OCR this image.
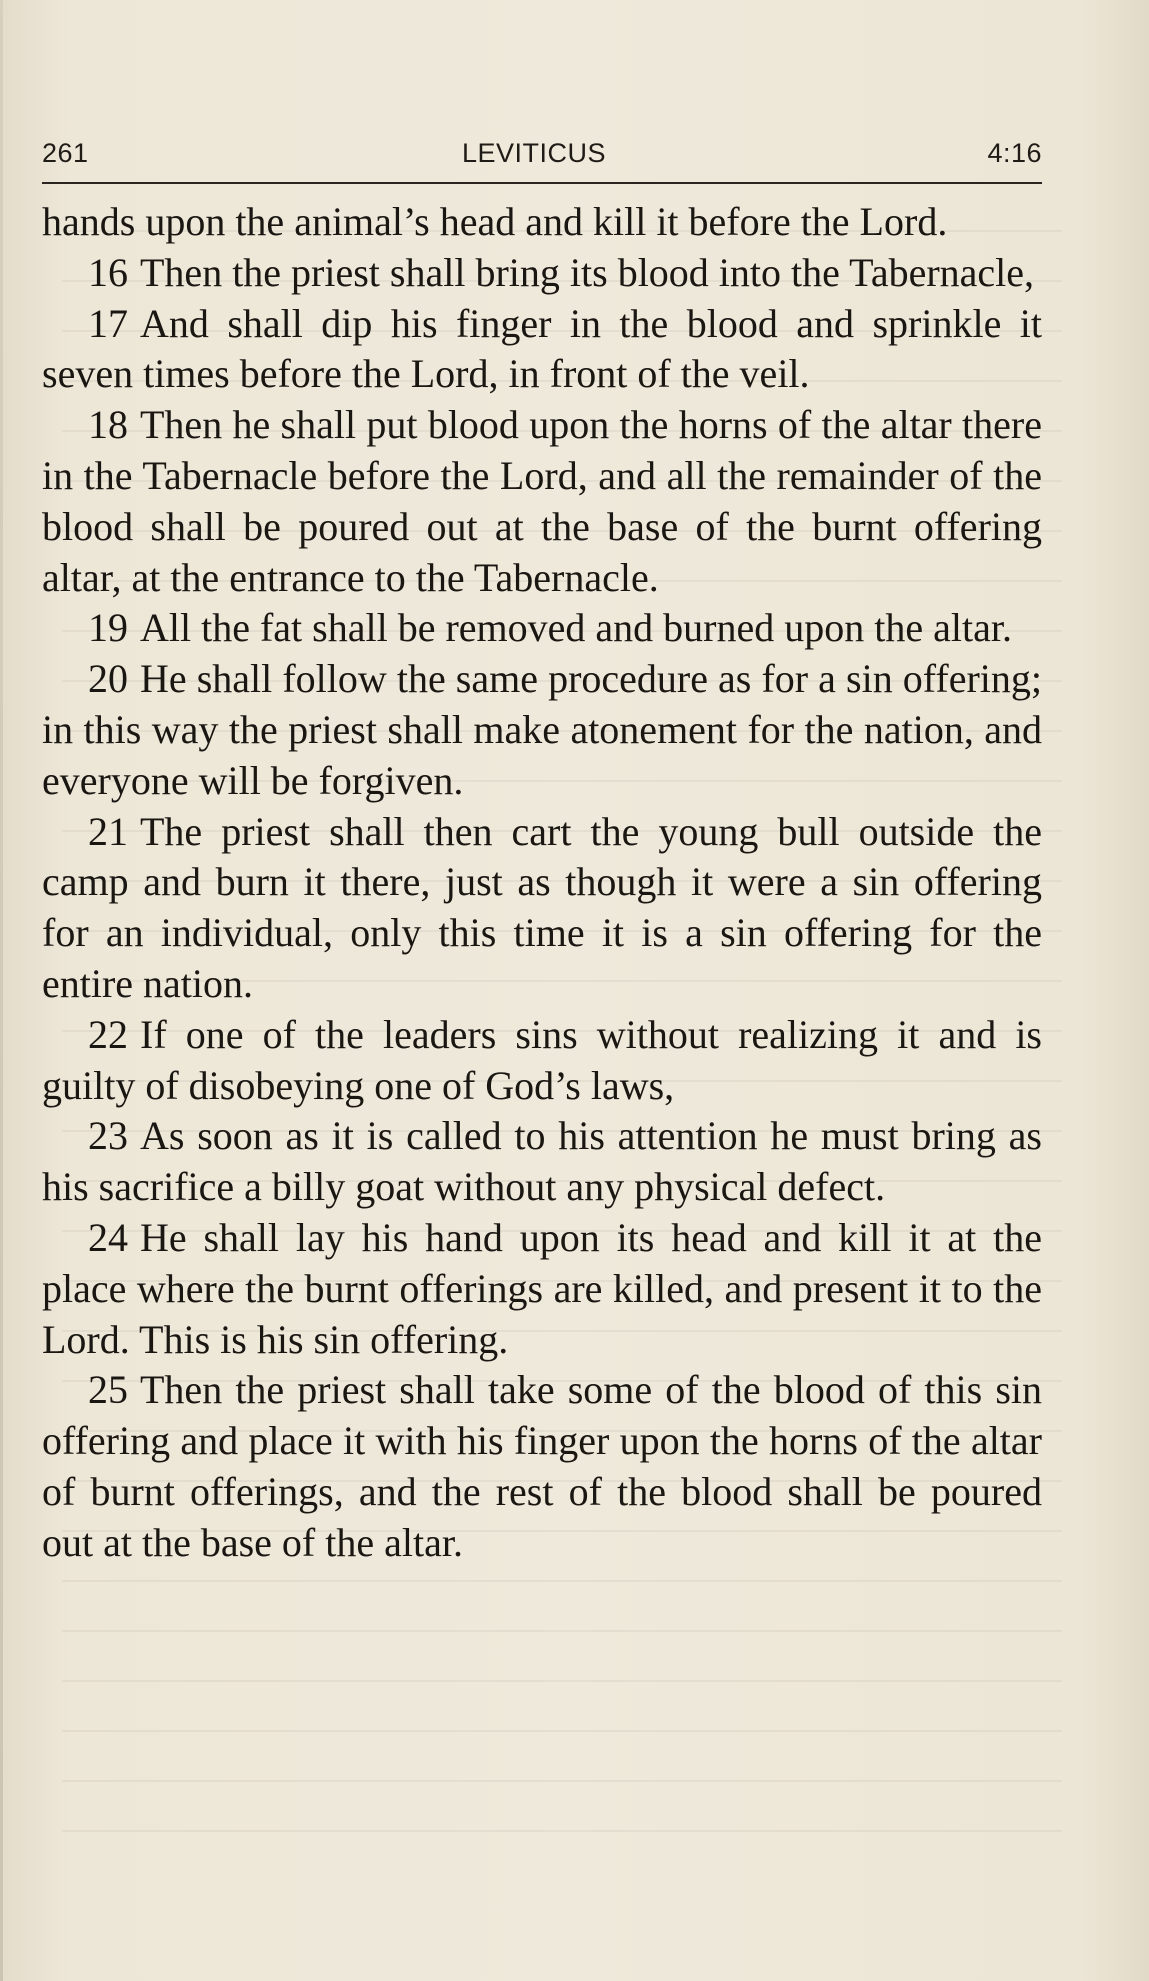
261	LEVITICUS	4:16

hands upon the animal’s head and kill it before the Lord.

16 Then the priest shall bring its blood into the Tabernacle,

17 And shall dip his finger in the blood and sprinkle it seven times before the Lord, in front of the veil.

18 Then he shall put blood upon the horns of the altar there in the Tabernacle before the Lord, and all the remainder of the blood shall be poured out at the base of the burnt offering altar, at the entrance to the Tabernacle.

19 All the fat shall be removed and burned upon the altar.

20 He shall follow the same procedure as for a sin offering; in this way the priest shall make atonement for the nation, and everyone will be forgiven.

21 The priest shall then cart the young bull outside the camp and burn it there, just as though it were a sin offering for an individual, only this time it is a sin offering for the entire nation.

22 If one of the leaders sins without realizing it and is guilty of disobeying one of God’s laws,

23 As soon as it is called to his attention he must bring as his sacrifice a billy goat without any physical defect.

24 He shall lay his hand upon its head and kill it at the place where the burnt offerings are killed, and present it to the Lord. This is his sin offering.

25 Then the priest shall take some of the blood of this sin offering and place it with his finger upon the horns of the altar of burnt offerings, and the rest of the blood shall be poured out at the base of the altar.
